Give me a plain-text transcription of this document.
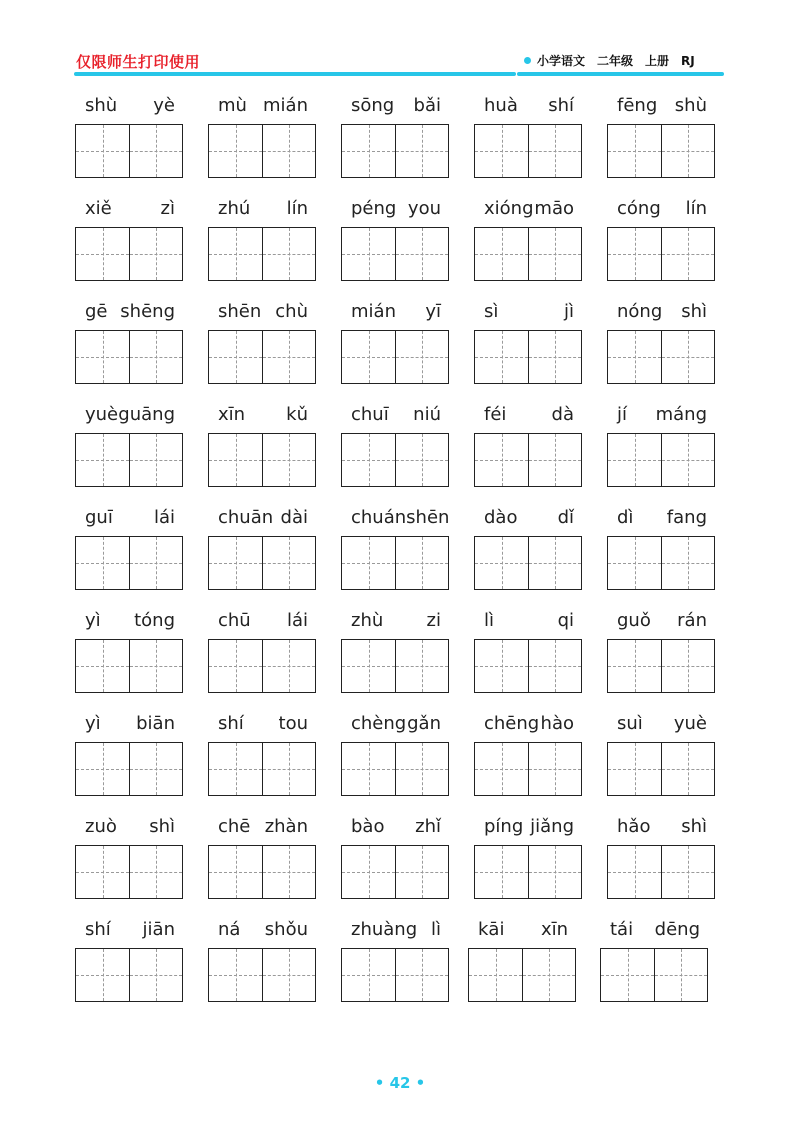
仅限师生打印使用	小学语文 二年级 上册 RJ
shù yè mù mián sōng bǎi huà shí fēng shù
xiě	zì zhú lín péng you xióng māo cóng lín
gē shēng shēn chù mián yī sì	jì nóng shì
yuè guāng xīn kǔ chuī niú féi	dà jí máng
guī lái chuān dài chuán shēn dào dǐ dì fang
yì tóng chū lái zhù zi lì	qi guǒ rán
yì biān shí tou chèng gǎn chēng hào suì yuè
zuò shì chē zhàn bào zhǐ píng jiǎng hǎo shì
shí jiān ná shǒu zhuàng lì kāi xīn tái dēng
• 42 •
